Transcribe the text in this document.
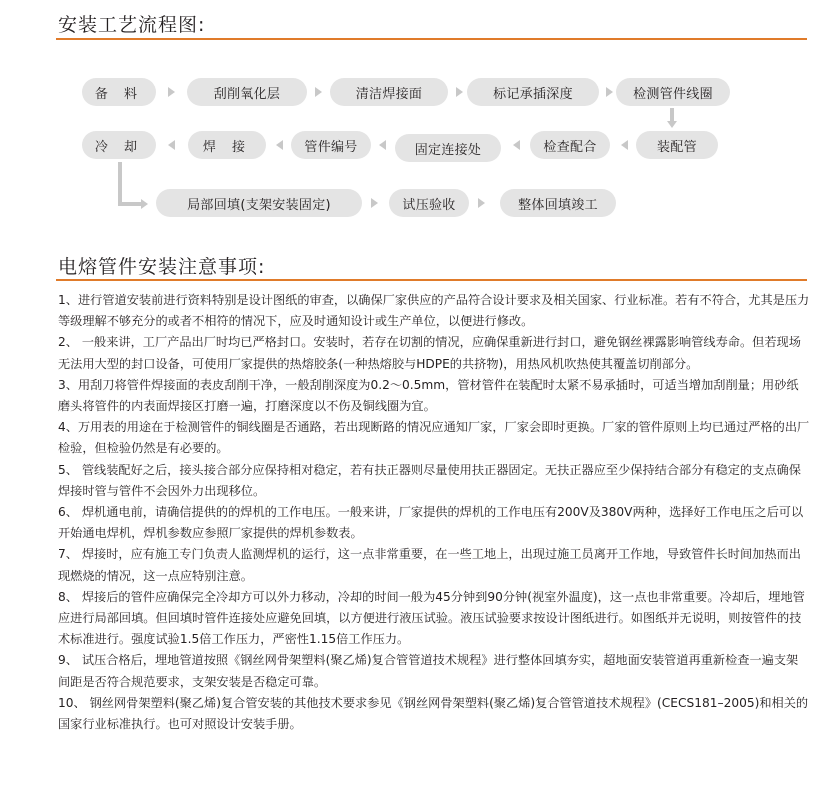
安装工艺流程图:
备 料	刮削氧化层	清洁焊接面	标记承插深度	检测管件线圈
冷 却	焊 接	管件编号	固定连接处	检查配合	装配管
局部回填(支架安装固定)	试压验收	整体回填竣工
电熔管件安装注意事项:

1、进行管道安装前进行资料特别是设计图纸的审查，以确保厂家供应的产品符合设计要求及相关国家、行业标准。若有不符合，尤其是压力等级理解不够充分的或者不相符的情况下，应及时通知设计或生产单位，以便进行修改。

2、 一般来讲，工厂产品出厂时均已严格封口。安装时，若存在切割的情况，应确保重新进行封口，避免钢丝裸露影响管线寿命。但若现场无法用大型的封口设备，可使用厂家提供的热熔胶条(一种热熔胶与HDPE的共挤物)，用热风机吹热使其覆盖切削部分。

3、用刮刀将管件焊接面的表皮刮削干净，一般刮削深度为0.2～0.5mm，管材管件在装配时太紧不易承插时，可适当增加刮削量；用砂纸磨头将管件的内表面焊接区打磨一遍，打磨深度以不伤及铜线圈为宜。

4、万用表的用途在于检测管件的铜线圈是否通路，若出现断路的情况应通知厂家，厂家会即时更换。厂家的管件原则上均已通过严格的出厂检验，但检验仍然是有必要的。

5、 管线装配好之后，接头接合部分应保持相对稳定，若有扶正器则尽量使用扶正器固定。无扶正器应至少保持结合部分有稳定的支点确保焊接时管与管件不会因外力出现移位。

6、 焊机通电前，请确信提供的的焊机的工作电压。一般来讲，厂家提供的焊机的工作电压有200V及380V两种，选择好工作电压之后可以开始通电焊机，焊机参数应参照厂家提供的焊机参数表。

7、 焊接时，应有施工专门负责人监测焊机的运行，这一点非常重要，在一些工地上，出现过施工员离开工作地，导致管件长时间加热而出现燃烧的情况，这一点应特别注意。

8、 焊接后的管件应确保完全冷却方可以外力移动，冷却的时间一般为45分钟到90分钟(视室外温度)，这一点也非常重要。冷却后，埋地管应进行局部回填。但回填时管件连接处应避免回填，以方便进行液压试验。液压试验要求按设计图纸进行。如图纸并无说明，则按管件的技术标准进行。强度试验1.5倍工作压力，严密性1.15倍工作压力。

9、 试压合格后，埋地管道按照《钢丝网骨架塑料(聚乙烯)复合管管道技术规程》进行整体回填夯实，超地面安装管道再重新检查一遍支架间距是否符合规范要求，支架安装是否稳定可靠。

10、 钢丝网骨架塑料(聚乙烯)复合管安装的其他技术要求参见《钢丝网骨架塑料(聚乙烯)复合管管道技术规程》(CECS181–2005)和相关的国家行业标准执行。也可对照设计安装手册。
